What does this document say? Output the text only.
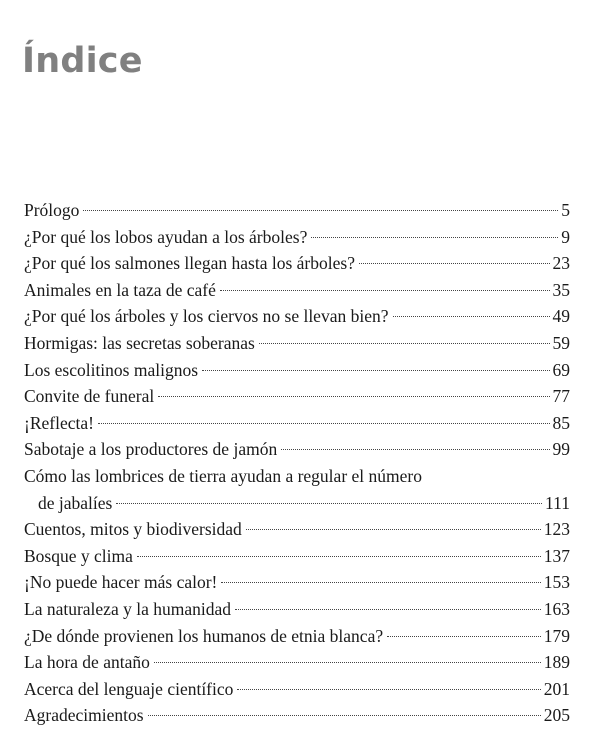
Índice
Prólogo	5
¿Por qué los lobos ayudan a los árboles?	9
¿Por qué los salmones llegan hasta los árboles?	23
Animales en la taza de café	35
¿Por qué los árboles y los ciervos no se llevan bien?	49
Hormigas: las secretas soberanas	59
Los escolitinos malignos	69
Convite de funeral	77
¡Reflecta!	85
Sabotaje a los productores de jamón	99
Cómo las lombrices de tierra ayudan a regular el número
de jabalíes	111
Cuentos, mitos y biodiversidad	123
Bosque y clima	137
¡No puede hacer más calor!	153
La naturaleza y la humanidad	163
¿De dónde provienen los humanos de etnia blanca?	179
La hora de antaño	189
Acerca del lenguaje científico	201
Agradecimientos	205
